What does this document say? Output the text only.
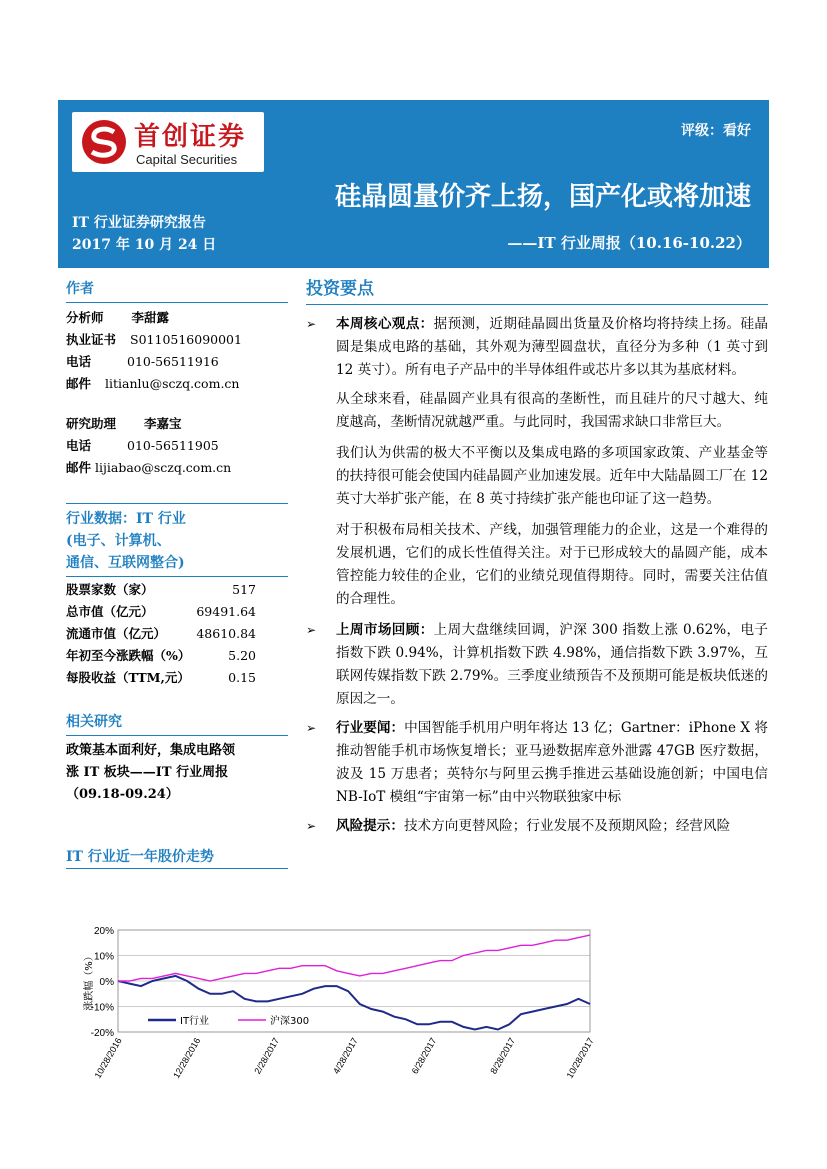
首创证券
Capital Securities
评级：看好
硅晶圆量价齐上扬，国产化或将加速
IT 行业证券研究报告
2017 年 10 月 24 日	——IT 行业周报（10.16-10.22）
作者
分析师 李甜露
执业证书 S0110516090001
电话	010-56511916
邮件 litianlu@sczq.com.cn
研究助理 李嘉宝
电话	010-56511905
邮件 lijiabao@sczq.com.cn
行业数据：IT 行业
(电子、计算机、
通信、互联网整合)
股票家数（家）	517
总市值（亿元）	69491.64
流通市值（亿元） 48610.84
年初至今涨跌幅（%）	5.20
每股收益（TTM,元）	0.15
相关研究
政策基本面利好，集成电路领
涨 IT 板块——IT 行业周报
（09.18-09.24）
IT 行业近一年股价走势
投资要点
➢	本周核心观点：据预测，近期硅晶圆出货量及价格均将持续上扬。硅晶圆是集成电路的基础，其外观为薄型圆盘状，直径分为多种（1 英寸到 12 英寸）。所有电子产品中的半导体组件或芯片多以其为基底材料。
从全球来看，硅晶圆产业具有很高的垄断性，而且硅片的尺寸越大、纯度越高，垄断情况就越严重。与此同时，我国需求缺口非常巨大。
我们认为供需的极大不平衡以及集成电路的多项国家政策、产业基金等的扶持很可能会使国内硅晶圆产业加速发展。近年中大陆晶圆工厂在 12 英寸大举扩张产能，在 8 英寸持续扩张产能也印证了这一趋势。
对于积极布局相关技术、产线，加强管理能力的企业，这是一个难得的发展机遇，它们的成长性值得关注。对于已形成较大的晶圆产能，成本管控能力较佳的企业，它们的业绩兑现值得期待。同时，需要关注估值的合理性。
➢	上周市场回顾：上周大盘继续回调，沪深 300 指数上涨 0.62%，电子指数下跌 0.94%，计算机指数下跌 4.98%，通信指数下跌 3.97%，互联网传媒指数下跌 2.79%。三季度业绩预告不及预期可能是板块低迷的原因之一。
➢	行业要闻：中国智能手机用户明年将达 13 亿；Gartner：iPhone X 将推动智能手机市场恢复增长；亚马逊数据库意外泄露 47GB 医疗数据，波及 15 万患者；英特尔与阿里云携手推进云基础设施创新；中国电信 NB-IoT 模组“宇宙第一标”由中兴物联独家中标
➢	风险提示：技术方向更替风险；行业发展不及预期风险；经营风险
20%
10%
0%
-10%
-20%
涨跌幅（%）
10/28/2016	12/28/2016	2/28/2017	4/28/2017	6/28/2017	8/28/2017	10/28/2017
IT行业	沪深300
